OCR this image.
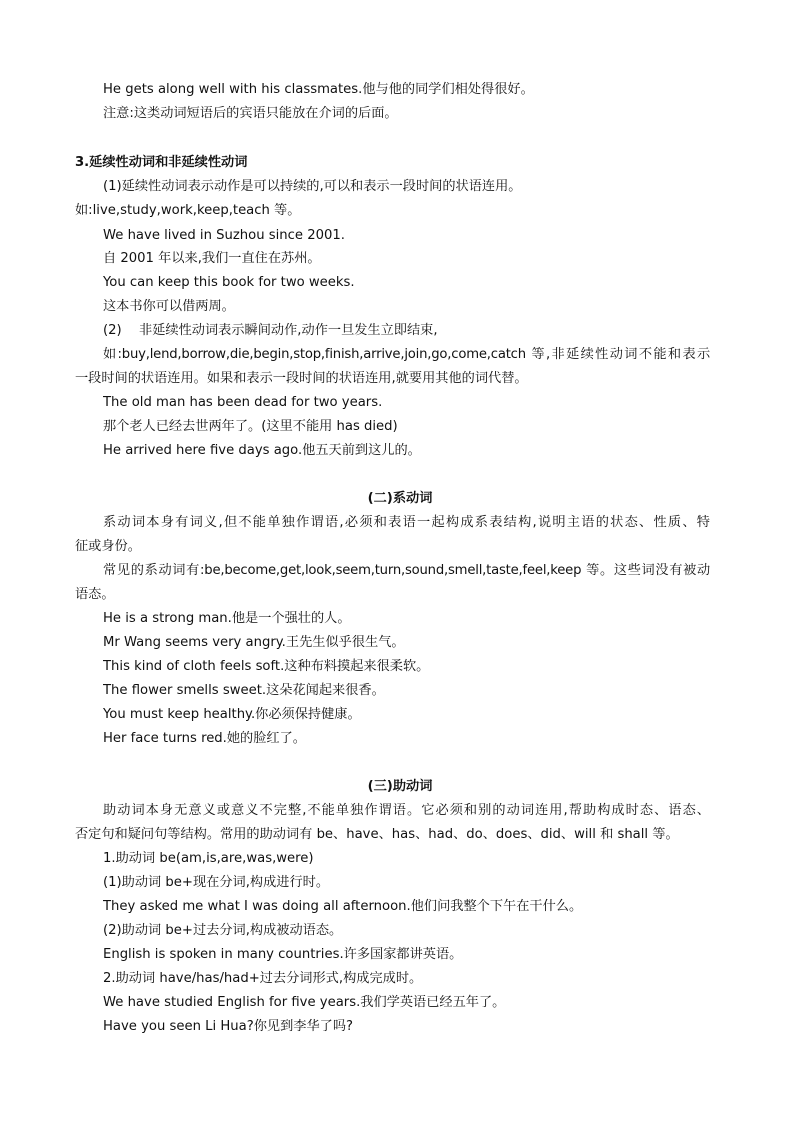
He gets along well with his classmates.他与他的同学们相处得很好。
注意:这类动词短语后的宾语只能放在介词的后面。
3.延续性动词和非延续性动词
(1)延续性动词表示动作是可以持续的,可以和表示一段时间的状语连用。
如:live,study,work,keep,teach 等。
We have lived in Suzhou since 2001.
自 2001 年以来,我们一直住在苏州。
You can keep this book for two weeks.
这本书你可以借两周。
(2)　 非延续性动词表示瞬间动作,动作一旦发生立即结束,
如:buy,lend,borrow,die,begin,stop,finish,arrive,join,go,come,catch 等,非延续性动词不能和表示
一段时间的状语连用。如果和表示一段时间的状语连用,就要用其他的词代替。
The old man has been dead for two years.
那个老人已经去世两年了。(这里不能用 has died)
He arrived here five days ago.他五天前到这儿的。
(二)系动词
系动词本身有词义,但不能单独作谓语,必须和表语一起构成系表结构,说明主语的状态、性质、特
征或身份。
常见的系动词有:be,become,get,look,seem,turn,sound,smell,taste,feel,keep 等。这些词没有被动
语态。
He is a strong man.他是一个强壮的人。
Mr Wang seems very angry.王先生似乎很生气。
This kind of cloth feels soft.这种布料摸起来很柔软。
The flower smells sweet.这朵花闻起来很香。
You must keep healthy.你必须保持健康。
Her face turns red.她的脸红了。
(三)助动词
助动词本身无意义或意义不完整,不能单独作谓语。它必须和别的动词连用,帮助构成时态、语态、
否定句和疑问句等结构。常用的助动词有 be、have、has、had、do、does、did、will 和 shall 等。
1.助动词 be(am,is,are,was,were)
(1)助动词 be+现在分词,构成进行时。
They asked me what I was doing all afternoon.他们问我整个下午在干什么。
(2)助动词 be+过去分词,构成被动语态。
English is spoken in many countries.许多国家都讲英语。
2.助动词 have/has/had+过去分词形式,构成完成时。
We have studied English for five years.我们学英语已经五年了。
Have you seen Li Hua?你见到李华了吗?
